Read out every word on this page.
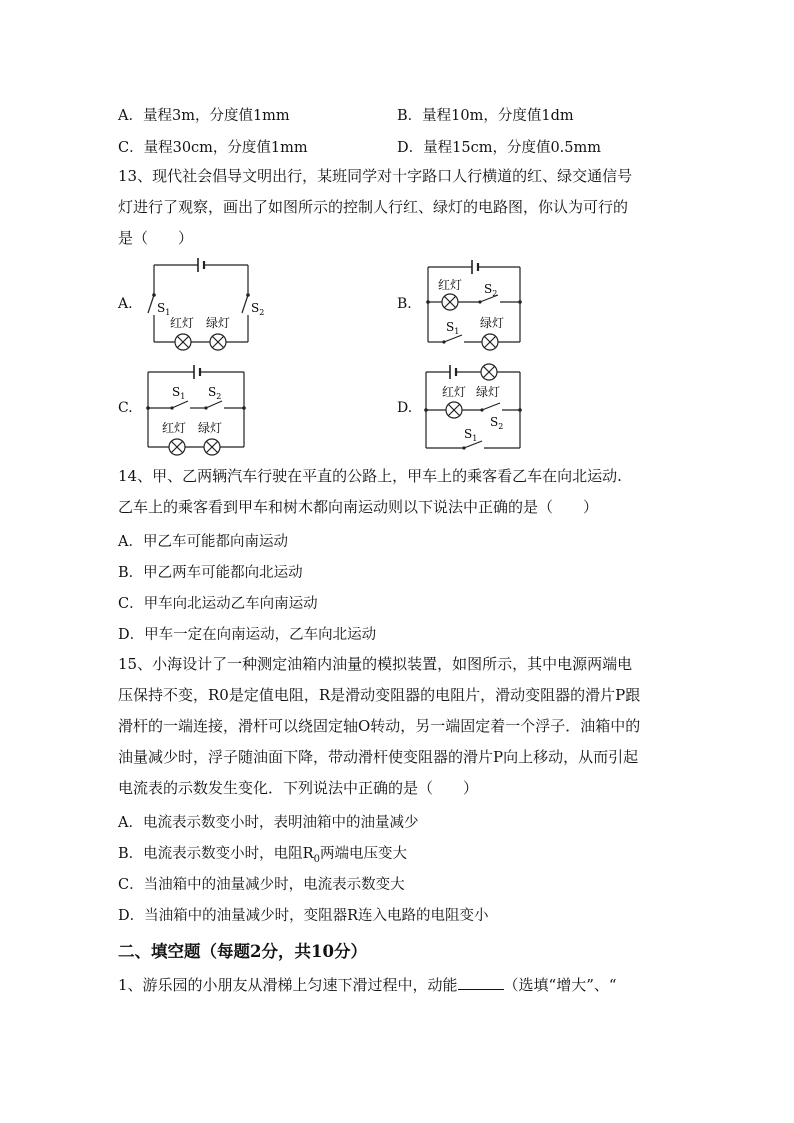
A．量程3m，分度值1mm	B．量程10m，分度值1dm
C．量程30cm，分度值1mm	D．量程15cm，分度值0.5mm
13、现代社会倡导文明出行，某班同学对十字路口人行横道的红、绿交通信号
灯进行了观察，画出了如图所示的控制人行红、绿灯的电路图，你认为可行的
是（　　）
A. $S_1$	$S_2$
红灯 绿灯
B.
红灯 $S_2$
$S_1$
绿灯
C.
$S_1$ $S_2$
红灯 绿灯
D.
红灯 绿灯
$S_2$
$S_1$
14、甲、乙两辆汽车行驶在平直的公路上，甲车上的乘客看乙车在向北运动.
乙车上的乘客看到甲车和树木都向南运动则以下说法中正确的是（　　）
A．甲乙车可能都向南运动
B．甲乙两车可能都向北运动
C．甲车向北运动乙车向南运动
D．甲车一定在向南运动，乙车向北运动
15、小海设计了一种测定油箱内油量的模拟装置，如图所示，其中电源两端电
压保持不变，R0是定值电阻，R是滑动变阻器的电阻片，滑动变阻器的滑片P跟
滑杆的一端连接，滑杆可以绕固定轴O转动，另一端固定着一个浮子．油箱中的
油量减少时，浮子随油面下降，带动滑杆使变阻器的滑片P向上移动，从而引起
电流表的示数发生变化．下列说法中正确的是（　　）
A．电流表示数变小时，表明油箱中的油量减少
B．电流表示数变小时，电阻$R_0$两端电压变大
C．当油箱中的油量减少时，电流表示数变大
D．当油箱中的油量减少时，变阻器R连入电路的电阻变小
二、填空题（每题2分，共10分）
1、游乐园的小朋友从滑梯上匀速下滑过程中，动能	（选填“增大”、“
